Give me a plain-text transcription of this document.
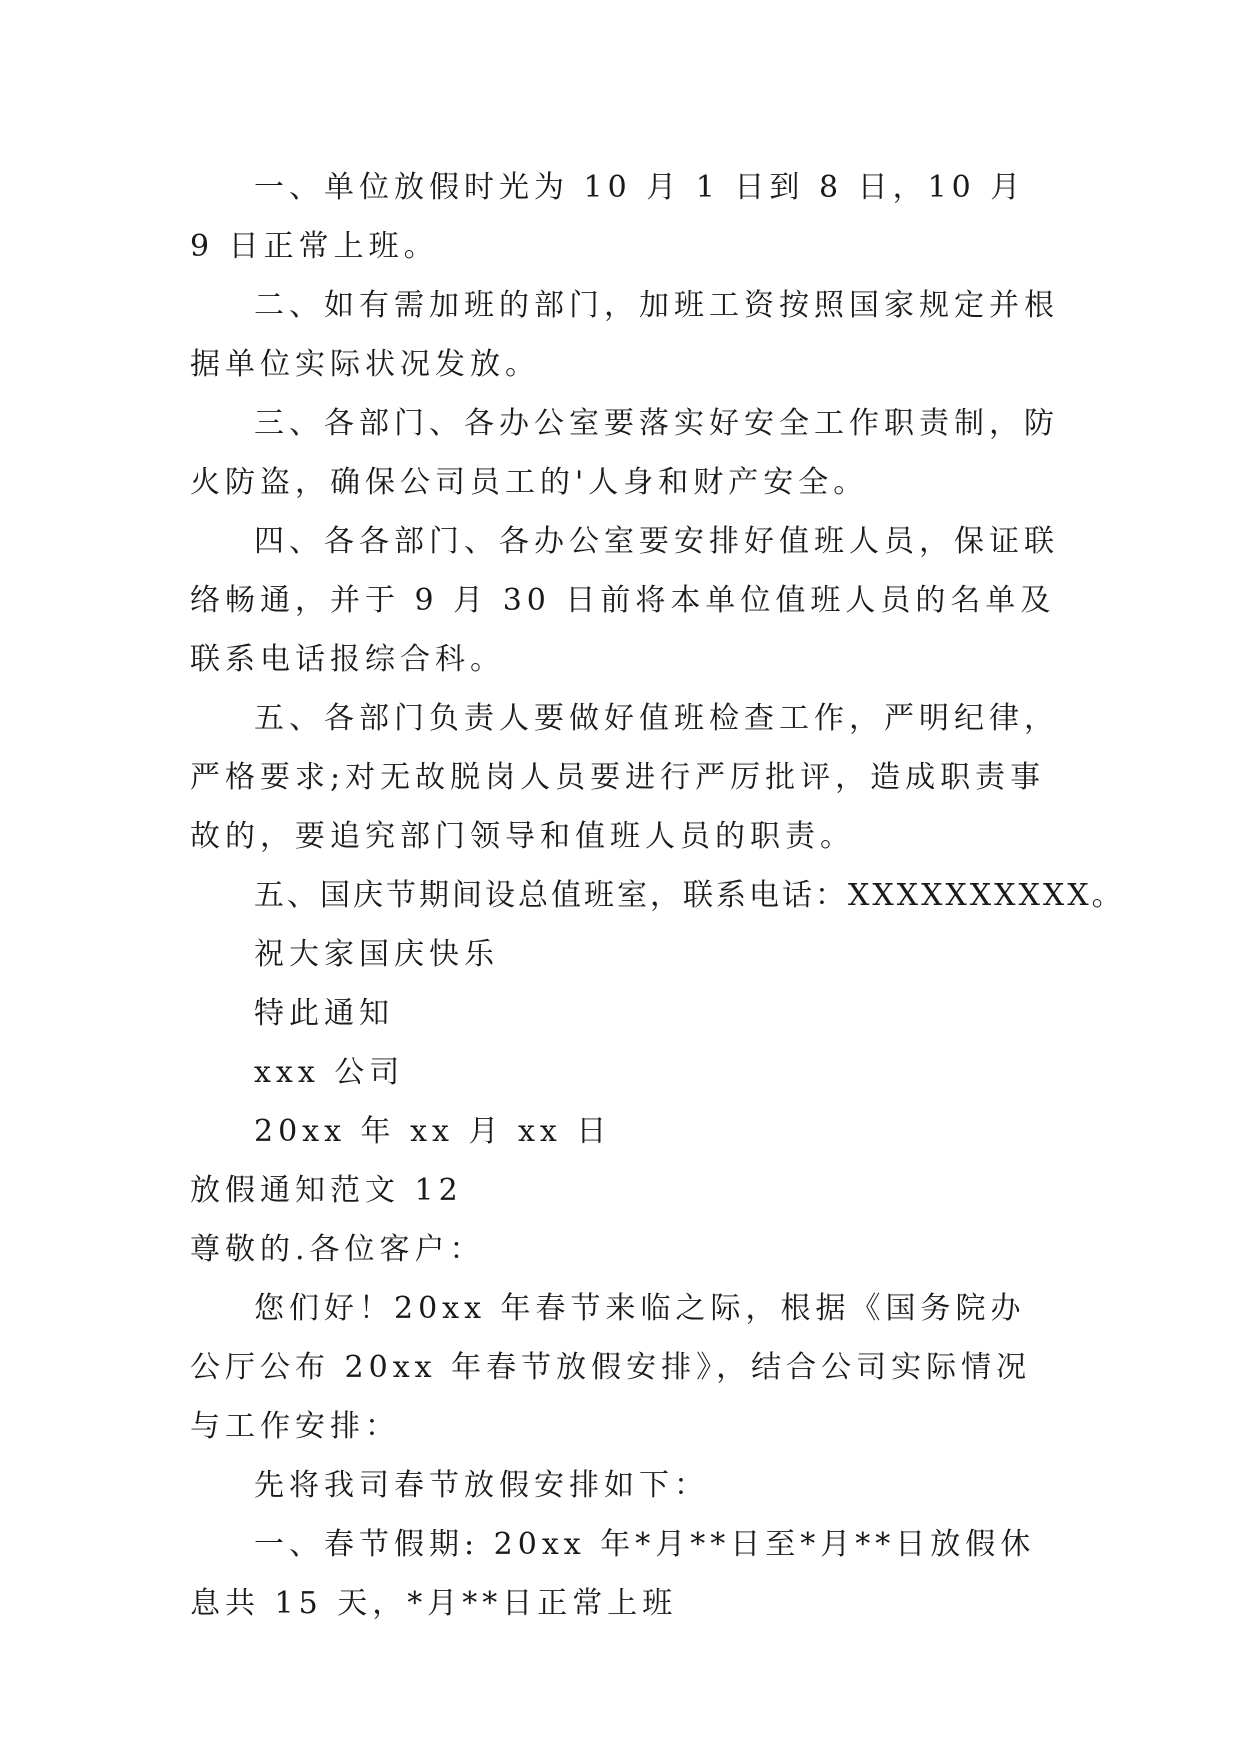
一、单位放假时光为 10 月 1 日到 8 日，10 月 9 日正常上班。

二、如有需加班的部门，加班工资按照国家规定并根据单位实际状况发放。

三、各部门、各办公室要落实好安全工作职责制，防火防盗，确保公司员工的'人身和财产安全。

四、各各部门、各办公室要安排好值班人员，保证联络畅通，并于 9 月 30 日前将本单位值班人员的名单及联系电话报综合科。

五、各部门负责人要做好值班检查工作，严明纪律，严格要求;对无故脱岗人员要进行严厉批评，造成职责事故的，要追究部门领导和值班人员的职责。

五、国庆节期间设总值班室，联系电话：XXXXXXXXXX。

祝大家国庆快乐

特此通知

xxx 公司

20xx 年 xx 月 xx 日

放假通知范文 12

尊敬的.各位客户：

您们好！20xx 年春节来临之际，根据《国务院办公厅公布 20xx 年春节放假安排》，结合公司实际情况与工作安排：

先将我司春节放假安排如下：

一、春节假期: 20xx 年*月**日至*月**日放假休息共 15 天，*月**日正常上班
